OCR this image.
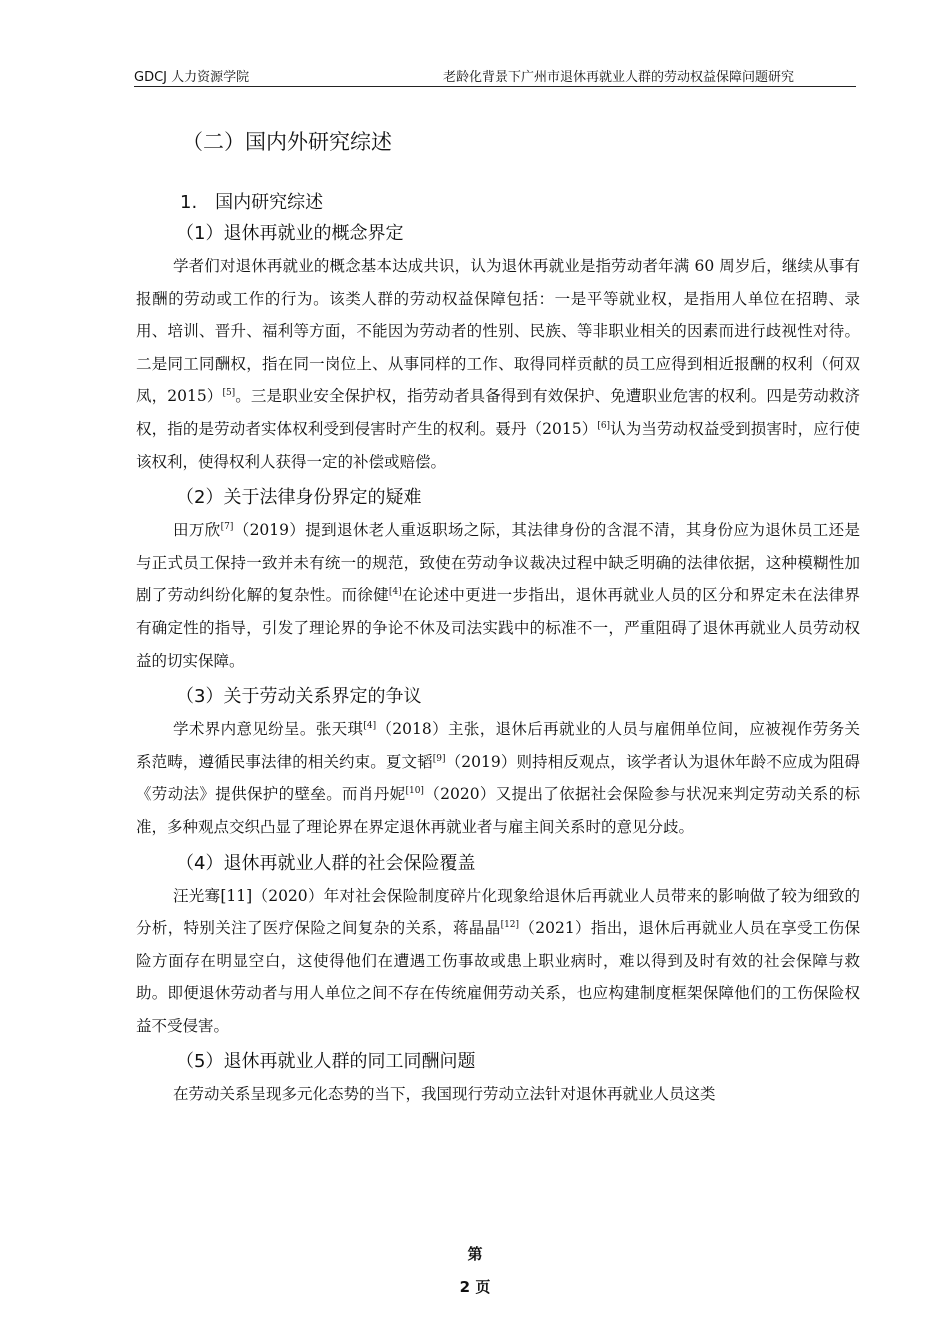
GDCJ 人力资源学院	老龄化背景下广州市退休再就业人群的劳动权益保障问题研究
（二）国内外研究综述
1.　国内研究综述
（1）退休再就业的概念界定

学者们对退休再就业的概念基本达成共识，认为退休再就业是指劳动者年满 60 周岁后，继续从事有报酬的劳动或工作的行为。该类人群的劳动权益保障包括：一是平等就业权，是指用人单位在招聘、录用、培训、晋升、福利等方面，不能因为劳动者的性别、民族、等非职业相关的因素而进行歧视性对待。二是同工同酬权，指在同一岗位上、从事同样的工作、取得同样贡献的员工应得到相近报酬的权利（何双凤，2015）[5]。三是职业安全保护权，指劳动者具备得到有效保护、免遭职业危害的权利。四是劳动救济权，指的是劳动者实体权利受到侵害时产生的权利。聂丹（2015）[6]认为当劳动权益受到损害时，应行使该权利，使得权利人获得一定的补偿或赔偿。

（2）关于法律身份界定的疑难

田万欣[7]（2019）提到退休老人重返职场之际，其法律身份的含混不清，其身份应为退休员工还是与正式员工保持一致并未有统一的规范，致使在劳动争议裁决过程中缺乏明确的法律依据，这种模糊性加剧了劳动纠纷化解的复杂性。而徐健[4]在论述中更进一步指出，退休再就业人员的区分和界定未在法律界有确定性的指导，引发了理论界的争论不休及司法实践中的标准不一，严重阻碍了退休再就业人员劳动权益的切实保障。

（3）关于劳动关系界定的争议

学术界内意见纷呈。张天琪[4]（2018）主张，退休后再就业的人员与雇佣单位间，应被视作劳务关系范畴，遵循民事法律的相关约束。夏文韬[9]（2019）则持相反观点，该学者认为退休年龄不应成为阻碍《劳动法》提供保护的壁垒。而肖丹妮[10]（2020）又提出了依据社会保险参与状况来判定劳动关系的标准，多种观点交织凸显了理论界在界定退休再就业者与雇主间关系时的意见分歧。

（4）退休再就业人群的社会保险覆盖

汪光骞[11]（2020）年对社会保险制度碎片化现象给退休后再就业人员带来的影响做了较为细致的分析，特别关注了医疗保险之间复杂的关系，蒋晶晶[12]（2021）指出，退休后再就业人员在享受工伤保险方面存在明显空白，这使得他们在遭遇工伤事故或患上职业病时，难以得到及时有效的社会保障与救助。即便退休劳动者与用人单位之间不存在传统雇佣劳动关系，也应构建制度框架保障他们的工伤保险权益不受侵害。

（5）退休再就业人群的同工同酬问题

在劳动关系呈现多元化态势的当下，我国现行劳动立法针对退休再就业人员这类

第
2 页
